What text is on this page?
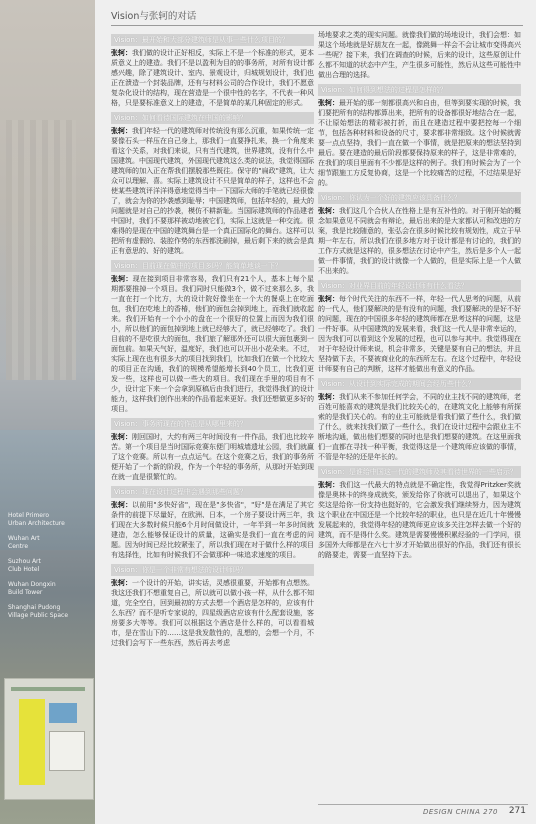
Hotel Primero
Urban Architecture
Wuhan Art
Centre
Suzhou Art
Club Hotel
Wuhan Dongxin
Build Tower
Shanghai Pudong
Village Public Space
Vision与张轲的对话
Vision：最开始和大部分建筑师是从事一些什么项目的？

张轲：我们做的设计正好相反，实际上不是一个标准的形式，更本质意义上的建造。我们不是以盈利为目的的事务所，对所有设计都感兴趣，除了建筑设计、室内、景观设计，归城规划设计，我们也正在溃造一个封装品牌，还有与材料公司的合作设计，我们不愿意复杂化设计的结构，现在营造是一个很中性的名字，不代表一种风格，只是要标准意义上的建造，不是简单的某几种固定的形式。

Vision：如何看待国际建筑在中国的影响？

张轲：我们年轻一代的建筑师对传统没有那么沉重，如果传统一定要像石头一样压在自己身上，那我们一直要挣扎来，换一个角度来看这个关系，对我们来说，只有当代建筑，世界建筑，没有什么中国建筑。中国现代建筑，外国现代建筑这么类的说法，我觉得国际建筑师的加入正在帮我们摆脱那些既往。保守的"扁政"建筑，让大众可以理解、喜。实际上建筑设计不只是简单的样子，这样也不会使某些建筑评洋洋得意地觉得当中一下国际大师的手笔就已经很像了，就会为你的抄袭感到耻辱；中国建筑师，包括年轻的，最大的问题就是对自己的抄袭，模仿不耕新耻。当国际建筑师的作品建者中国时，我们不要那样被动地被它们，实际上这就是一种交流。很难得的是现在中国的建筑舞台是一个真正国际化的舞台。这样可以把所有虚假的、装腔作势的东西都洗刷掉，最后剩下来的就会是真正有意思的、好的建筑。

Vision：目前现在做中的项目多吗？能简单地谈一下？

张轲：现在接到项目非常容易，我们只有21个人，基本上每个星期都要推掉一个项目。我们同时只能做3个，做不过来那么多，我一直在打一个比方，大的设计院好像坐在一个大的餐桌上在吃面包，我们在吃地上的香椿，他们的面包会掉到地上，而我们就收起来。我们开始有一个小小的盘在一个很好的位置上而因为我们很小，所以他们的面包掉到地上就已经够大了，就已经够吃了。我们目前的不是吃很大的面包，我们旅了解那外还可以很大面包裹到一面包前。如果天气好，温度好，我们也可以开出小花朵来。不过，实际上现在也有很多大的项目找到我们，比如我们在做一个比较大的项目正在沟通，我们的规模希望能增长到40个员工，比我们更发一些，这样也可以做一些大的项目。我们现在手里的项目有不少，设计定下来一个会拿到原稿后由我们进行，我觉得我们的设计能力，这样我们创作出来的作品看起来更好。我们还想做更多好的项目。

Vision：事务所现在的作品是从哪里来的？

张轲：刚回国时，大约有两三年时间没有一件作品，我们也比较辛苦。第一个项目是当时国际竞赛东便门明城墙遗址公园，我们就赢了这个竞赛。所以有一点点运气。在这个竞赛之后，我们的事务所便开始了一个新的阶段，作为一个年轻的事务所，从那时开始到现在就一直是很繁忙的。

Vision：现在设计过程中会遇到那些问题？

张轲：以前用"多快好省"，现在是"多快省"，"好"是在满足了其它条件的前提下尽量好，在欧洲、日本，一个房子要设计两三年，我们现在大多数时候只能6个月时间做设计，一年半到一年多时间就建造，怎么能够保证设计的质量，这确实是我们一直在考虑的问题。因为时间已经比较紧张了，所以我们现在对于做什么样的项目有选择性，比如有时候我们不会做那种一味追求速度的项目。

Vision：你是一个非常有想法的设计师吗？

张轲：一个设计的开始，讲实话，灵感很重要，开始都有点想然。我这还我们不想重复自己，所以就可以做小孩一样，从什么都不知道，完全空白，回到最初的方式去想一个酒店是怎样的，应该有什么东西？而不是听专家说的，四星级酒店应该有什么配套设施，客房要多大等等。我们可以根据这个酒店是什么样的，可以看看城市，是在雪山下的……这是我发散性的，乱想的，会想一个月，不过我们会写下一些东西，然后再去考虑

场地要求之类的现实问题。就像我们做的场地设计，我们会想：如果这个场地就是好朋友在一起，像跳舞一样会不会让城市变得高兴一些呢？接下来，我们在调查的时候，后来的设计，这些原创让什么都不知道的状态中产生，产生很多可能性，然后从这些可能性中做出合理的选择。

Vision：如何得到想法的过程是怎样的？

张轲：最开始的那一刻都很高兴和自由，但等到要实现的时候，我们要把所有的结构都算出来，把所有的设备都很好地结合在一起，不让原始想法的精彩被打折，而且在建造过程中要把控每一个细节，包括各种材料和设备的尺寸，要求都非常细致。这个时候就需要一点点坚持，我们一直在做一个事情，就是把原来的想法坚持到最后。要在建造的最后阶段都要保持原来的样子，这是非常难的，在我们的项目里面有不少都是这样的例子。我们有时候会为了一个细节跟施工方反复协商，这是一个比较痛苦的过程，不过结果是好的。

Vision：你认为一个好的建筑应该具备什么？

张轲：我们这几个合伙人在性格上是有互补性的。对于刚开始的概念如果意见不同就会有辩论，最后出来的是大家都认可和改进的方案，我是比较随意的，张弘会在很多时候比较有规划性，成立于早期一年左右，所以我们在很多地方对于设计都是有讨论的，我们的工作方式就是这样的，很多想法在讨论中产生，然后是多个人一起做一件事情，我们的设计就像一个人做的，但是实际上是一个人做不出来的。

Vision：对业界目前的年轻设计师有什么看法？

张轲：每个时代关注的东西不一样，年轻一代人思考的问题，从前的一代人，他们要解决的是有没有的问题，我们要解决的是好不好的问题，现在的中国很多年轻的建筑师都在思考这样的问题，这是一件好事。从中国建筑的发展来看，我们这一代人是非常幸运的，因为我们可以看到这个发展的过程，也可以参与其中。我觉得现在对于年轻设计师来说，机会非常多，关键是要有自己的想法，并且坚持做下去，不要被商业化的东西所左右。在这个过程中，年轻设计师要有自己的判断，这样才能做出有意义的作品。

Vision：从设计到实际完成的期间会经历些什么？

张轲：我们从来不参加任何学会，不同的业主找不同的建筑师，老百姓可能喜欢的建筑是我们比较关心的，在建筑文化上能够有所探索的是我们关心的。有的业主可能就是看我们做了些什么，我们做了什么，就来找我们做了一些什么，我们在设计过程中会跟业主不断地沟通，做出他们想要的同时也是我们想要的建筑。在这里面我们一直都在寻找一种平衡，我觉得这是一个建筑师应该做的事情，不管是年轻的还是年长的。

Vision：是谁给中国这一代的建筑师及其看待世界的一些启示？

张轲：我们这一代最大的特点就是不确定性，我觉得Pritzker奖就像是奥林卡的终身成就奖，颁发给你了你就可以退出了，如果这个奖这是给你一份支持也挺好的，它会激发我们继续努力，因为建筑这个职业在中国还是一个比较年轻的职业，也只是在近几十年慢慢发展起来的，我觉得年轻的建筑师更应该多关注怎样去做一个好的建筑，而不是得什么奖。建筑是需要慢慢积累经验的一门学问，很多国外大师都是在六七十岁才开始做出很好的作品，我们还有很长的路要走，需要一直坚持下去。

DESIGN CHINA 270 271
